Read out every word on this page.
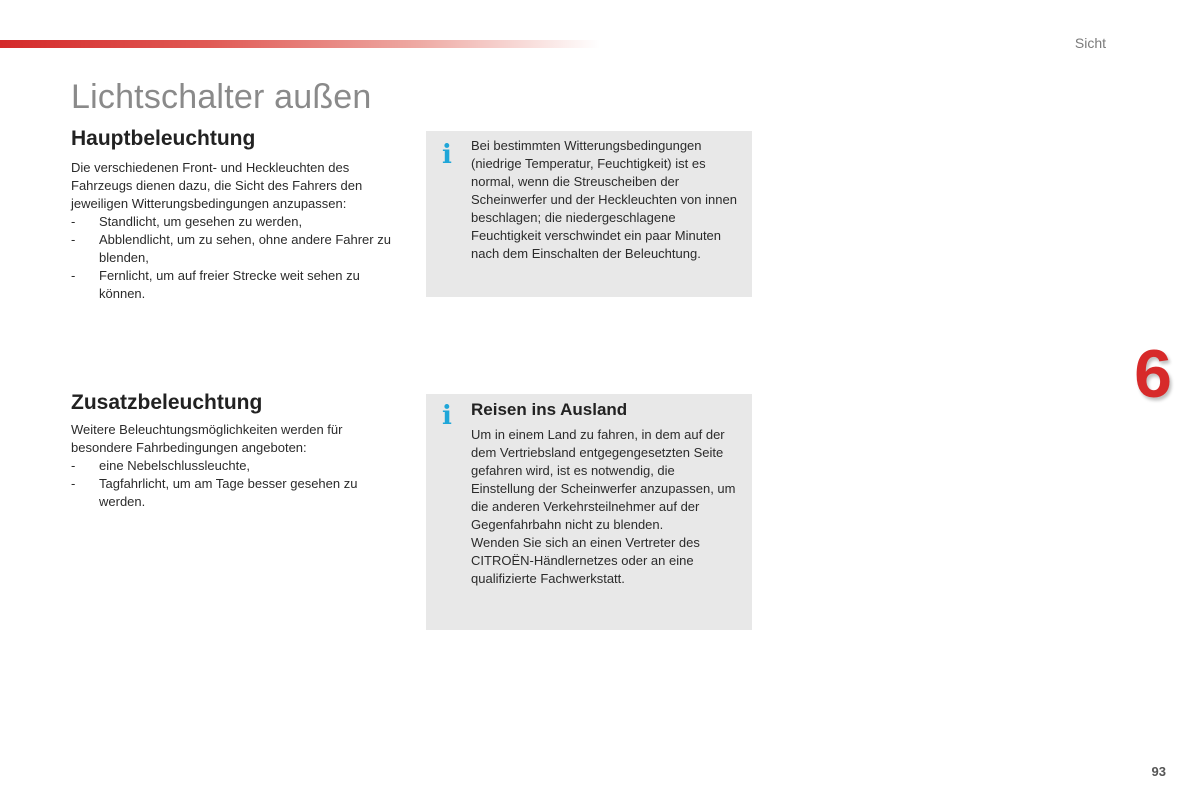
Sicht
Lichtschalter außen
Hauptbeleuchtung

Die verschiedenen Front- und Heckleuchten des Fahrzeugs dienen dazu, die Sicht des Fahrers den jeweiligen Witterungsbedingungen anzupassen:

- Standlicht, um gesehen zu werden,
- Abblendlicht, um zu sehen, ohne andere Fahrer zu blenden,
- Fernlicht, um auf freier Strecke weit sehen zu können.
i Bei bestimmten Witterungsbedingungen (niedrige Temperatur, Feuchtigkeit) ist es normal, wenn die Streuscheiben der Scheinwerfer und der Heckleuchten von innen beschlagen; die niedergeschlagene Feuchtigkeit verschwindet ein paar Minuten nach dem Einschalten der Beleuchtung.

Zusatzbeleuchtung

Weitere Beleuchtungsmöglichkeiten werden für besondere Fahrbedingungen angeboten:

- eine Nebelschlussleuchte,
- Tagfahrlicht, um am Tage besser gesehen zu werden.
i Reisen ins Ausland

Um in einem Land zu fahren, in dem auf der dem Vertriebsland entgegengesetzten Seite gefahren wird, ist es notwendig, die Einstellung der Scheinwerfer anzupassen, um die anderen Verkehrsteilnehmer auf der Gegenfahrbahn nicht zu blenden.
Wenden Sie sich an einen Vertreter des CITROËN-Händlernetzes oder an eine qualifizierte Fachwerkstatt.

6
93
